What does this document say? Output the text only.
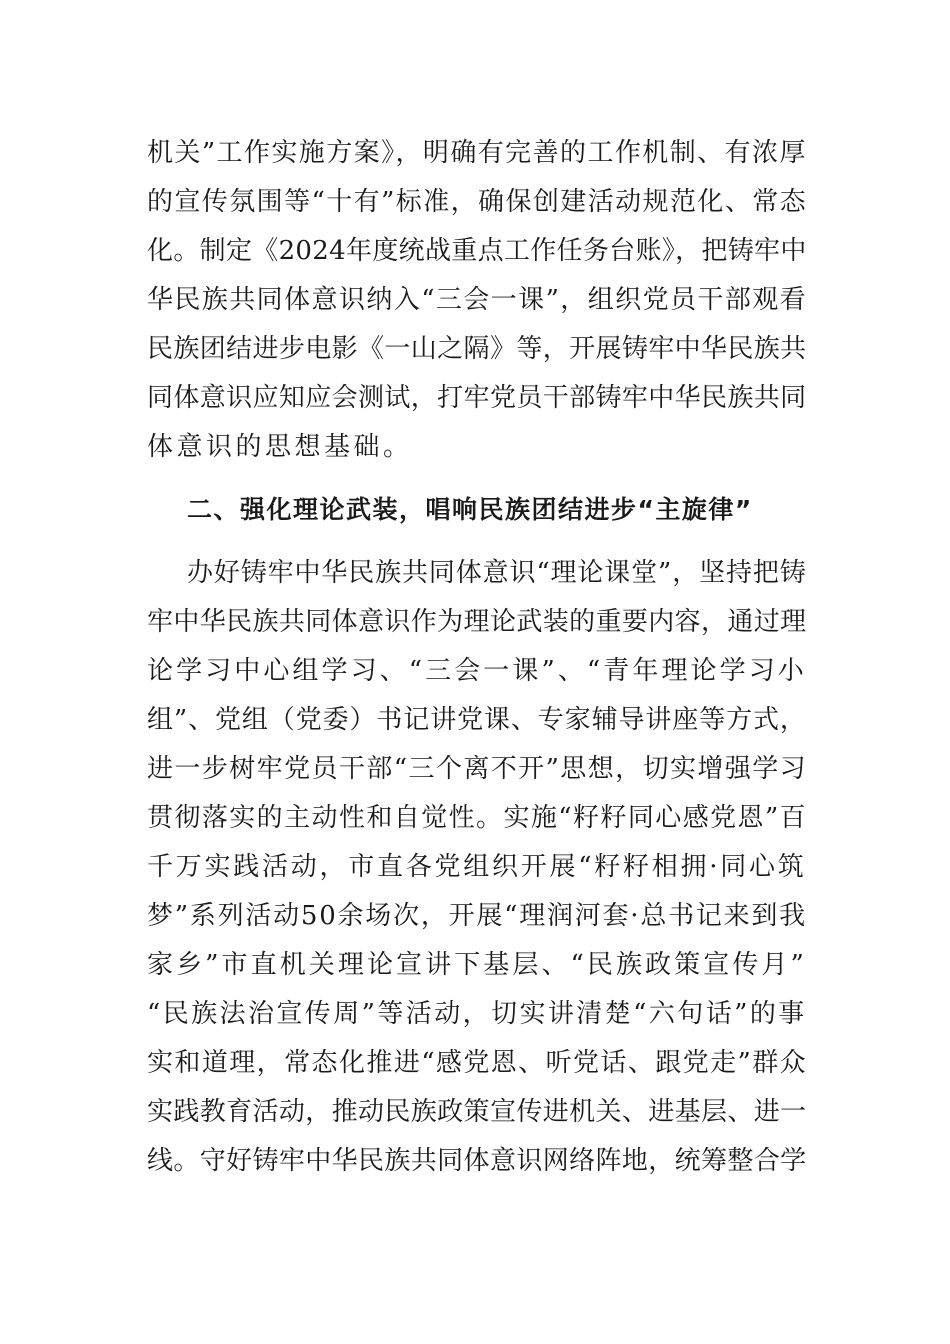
机关”工作实施方案》，明确有完善的工作机制、有浓厚
的宣传氛围等“十有”标准，确保创建活动规范化、常态
化。制定《2024年度统战重点工作任务台账》，把铸牢中
华民族共同体意识纳入“三会一课”，组织党员干部观看
民族团结进步电影《一山之隔》等，开展铸牢中华民族共
同体意识应知应会测试，打牢党员干部铸牢中华民族共同
体意识的思想基础。
二、强化理论武装，唱响民族团结进步“主旋律”
办好铸牢中华民族共同体意识“理论课堂”，坚持把铸
牢中华民族共同体意识作为理论武装的重要内容，通过理
论学习中心组学习、“三会一课”、“青年理论学习小
组”、党组（党委）书记讲党课、专家辅导讲座等方式，
进一步树牢党员干部“三个离不开”思想，切实增强学习
贯彻落实的主动性和自觉性。实施“籽籽同心感党恩”百
千万实践活动，市直各党组织开展“籽籽相拥·同心筑
梦”系列活动50余场次，开展“理润河套·总书记来到我
家乡”市直机关理论宣讲下基层、“民族政策宣传月”
“民族法治宣传周”等活动，切实讲清楚“六句话”的事
实和道理，常态化推进“感党恩、听党话、跟党走”群众
实践教育活动，推动民族政策宣传进机关、进基层、进一
线。守好铸牢中华民族共同体意识网络阵地，统筹整合学
